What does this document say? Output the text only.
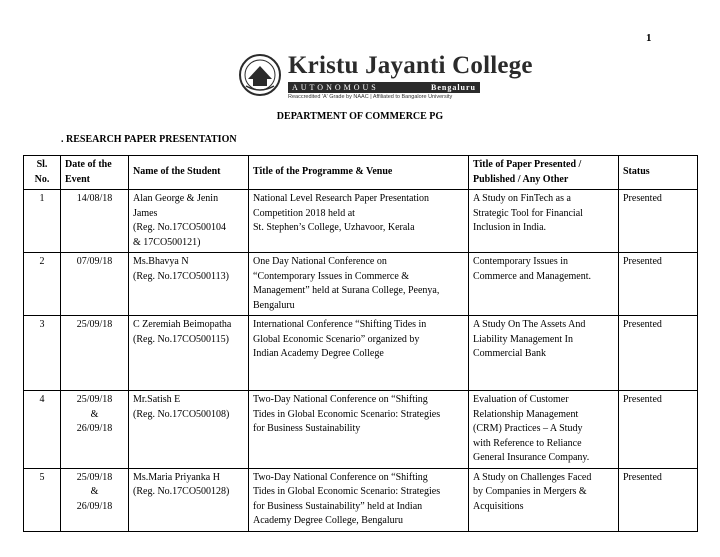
1
Kristu Jayanti College
AUTONOMOUS	Bengaluru
Reaccredited 'A' Grade by NAAC | Affiliated to Bangalore University
DEPARTMENT OF COMMERCE PG
. RESEARCH PAPER PRESENTATION
Sl.
No.	Date of the
Event	Name of the Student	Title of the Programme & Venue	Title of Paper Presented /
Published / Any Other	Status
1	14/08/18	Alan George & Jenin
James
(Reg. No.17CO500104
& 17CO500121)	National Level Research Paper Presentation
Competition 2018 held at
St. Stephen’s College, Uzhavoor, Kerala	A Study on FinTech as a
Strategic Tool for Financial
Inclusion in India.	Presented
2	07/09/18	Ms.Bhavya N
(Reg. No.17CO500113)	One Day National Conference on
“Contemporary Issues in Commerce &
Management” held at Surana College, Peenya,
Bengaluru	Contemporary Issues in
Commerce and Management.	Presented
3	25/09/18	C Zeremiah Beimopatha
(Reg. No.17CO500115)	International Conference “Shifting Tides in
Global Economic Scenario” organized by
Indian Academy Degree College	A Study On The Assets And
Liability Management In
Commercial Bank	Presented
4	25/09/18
&
26/09/18	Mr.Satish E
(Reg. No.17CO500108)	Two-Day National Conference on “Shifting
Tides in Global Economic Scenario: Strategies
for Business Sustainability	Evaluation of Customer
Relationship Management
(CRM) Practices – A Study
with Reference to Reliance
General Insurance Company.	Presented
5	25/09/18
&
26/09/18	Ms.Maria Priyanka H
(Reg. No.17CO500128)	Two-Day National Conference on “Shifting
Tides in Global Economic Scenario: Strategies
for Business Sustainability” held at Indian
Academy Degree College, Bengaluru	A Study on Challenges Faced
by Companies in Mergers &
Acquisitions	Presented
